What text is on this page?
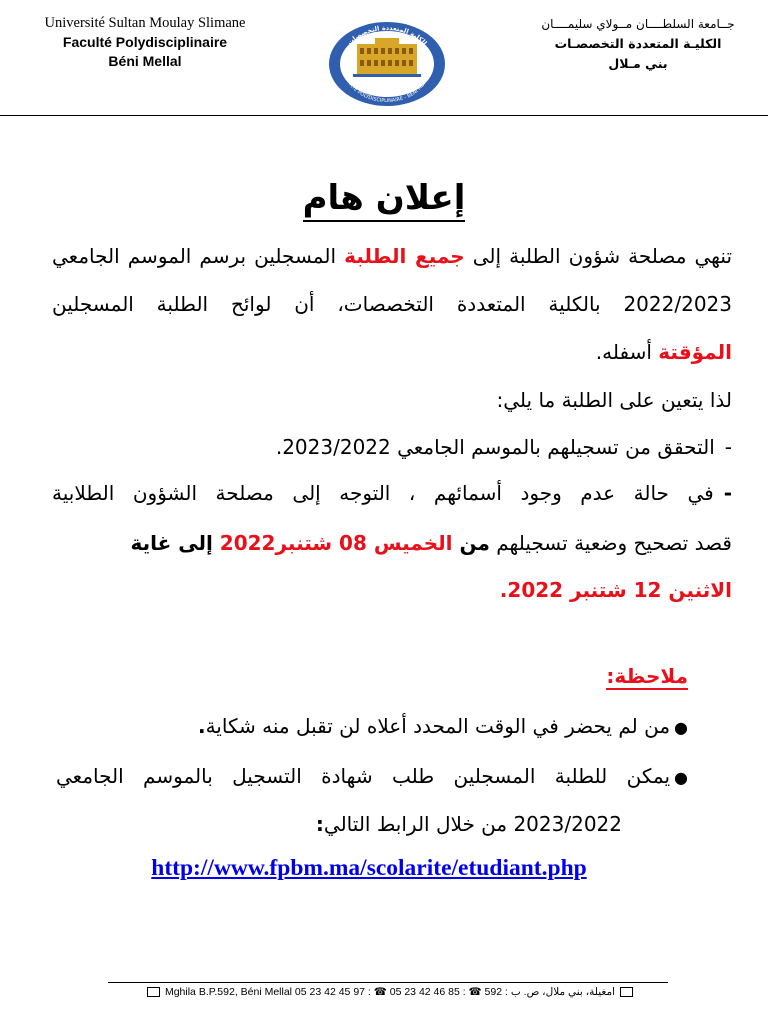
Université Sultan Moulay Slimane
Faculté Polydisciplinaire
Béni Mellal
الكلية المتعددة التخصصات
FACULTE POLYDISCIPLINAIRE - BENI MELLAL
جــامعة السلطــــان مــولاي سليمــــان
الكليـة المتعددة التخصصـات
بني مـلال
إعلان هام
تنهي مصلحة شؤون الطلبة إلى جميع الطلبة المسجلين برسم الموسم الجامعي
2022/2023 بالكلية المتعددة التخصصات، أن لوائح الطلبة المسجلين
المؤقتة أسفله.
لذا يتعين على الطلبة ما يلي:
-التحقق من تسجيلهم بالموسم الجامعي 2023/2022.
-في حالة عدم وجود أسمائهم ، التوجه إلى مصلحة الشؤون الطلابية
قصد تصحيح وضعية تسجيلهم من الخميس 08 شتنبر2022 إلى غاية
الاثنين 12 شتنبر 2022.
ملاحظة:
●من لم يحضر في الوقت المحدد أعلاه لن تقبل منه شكاية.
●يمكن للطلبة المسجلين طلب شهادة التسجيل بالموسم الجامعي
2023/2022 من خلال الرابط التالي:
http://www.fpbm.ma/scolarite/etudiant.php
Mghila B.P.592, Béni Mellal 05 23 42 45 97 : ☎ 05 23 42 46 85 : ☎ 592 : امغيلة، بني ملال، ص. ب
